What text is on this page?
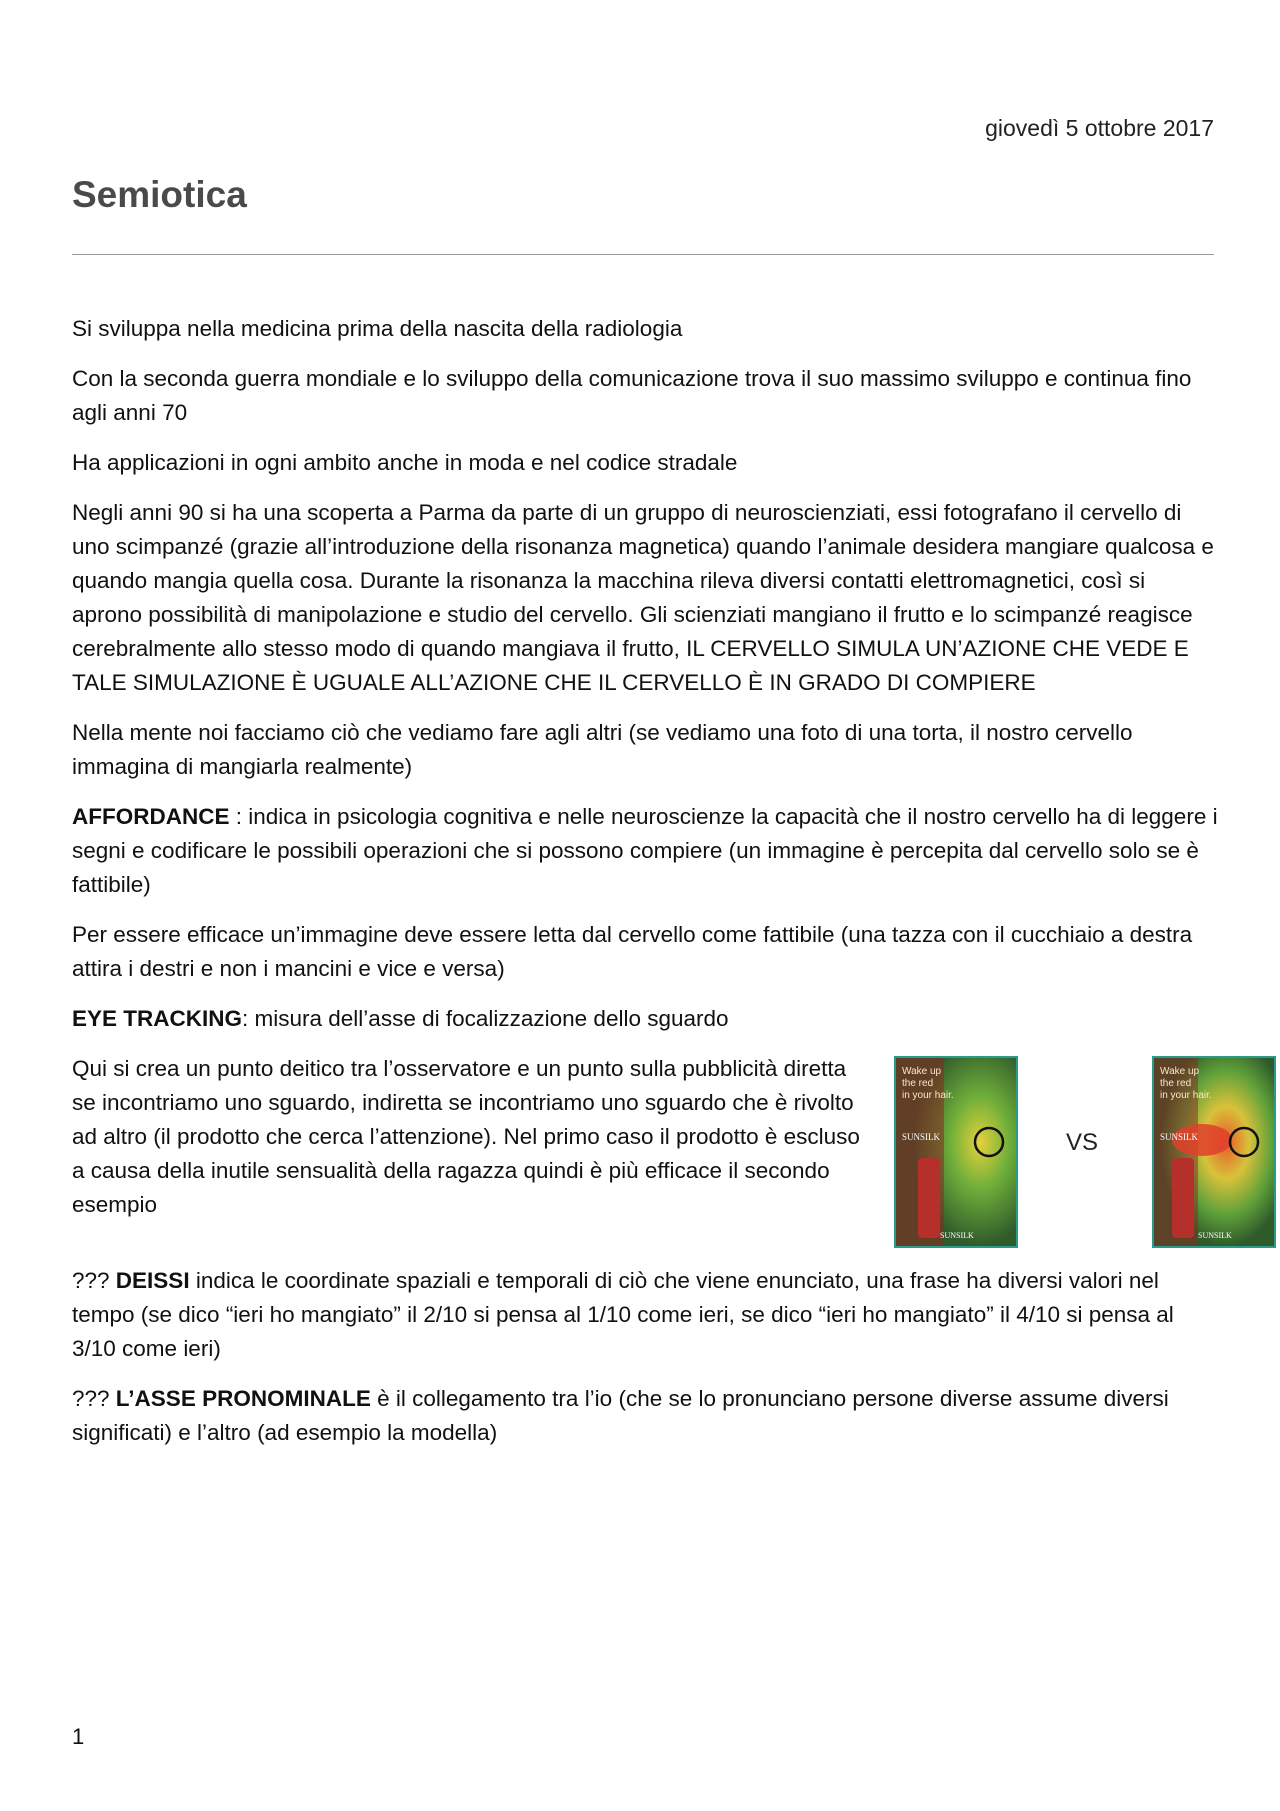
giovedì 5 ottobre 2017
Semiotica

Si sviluppa nella medicina prima della nascita della radiologia

Con la seconda guerra mondiale e lo sviluppo della comunicazione trova il suo massimo sviluppo e continua fino agli anni 70

Ha applicazioni in ogni ambito anche in moda e nel codice stradale

Negli anni 90 si ha una scoperta a Parma da parte di un gruppo di neuroscienziati, essi fotografano il cervello di uno scimpanzé (grazie all’introduzione della risonanza magnetica) quando l’animale desidera mangiare qualcosa e quando mangia quella cosa. Durante la risonanza la macchina rileva diversi contatti elettromagnetici, così si aprono possibilità di manipolazione e studio del cervello. Gli scienziati mangiano il frutto e lo scimpanzé reagisce cerebralmente allo stesso modo di quando mangiava il frutto, IL CERVELLO SIMULA UN’AZIONE CHE VEDE E TALE SIMULAZIONE È UGUALE ALL’AZIONE CHE IL CERVELLO È IN GRADO DI COMPIERE

Nella mente noi facciamo ciò che vediamo fare agli altri (se vediamo una foto di una torta, il nostro cervello immagina di mangiarla realmente)

AFFORDANCE : indica in psicologia cognitiva e nelle neuroscienze la capacità che il nostro cervello ha di leggere i segni e codificare le possibili operazioni che si possono compiere (un immagine è percepita dal cervello solo se è fattibile)

Per essere efficace un’immagine deve essere letta dal cervello come fattibile (una tazza con il cucchiaio a destra attira i destri e non i mancini e vice e versa)

EYE TRACKING: misura dell’asse di focalizzazione dello sguardo

Qui si crea un punto deitico tra l’osservatore e un punto sulla pubblicità diretta se incontriamo uno sguardo, indiretta se incontriamo uno sguardo che è rivolto ad altro (il prodotto che cerca l’attenzione). Nel primo caso il prodotto è escluso a causa della inutile sensualità della ragazza quindi è più efficace il secondo esempio

Wake up
the red
in your hair.
SUNSILK
SUNSILK
VS
Wake up
the red
in your hair.
SUNSILK
SUNSILK

??? DEISSI indica le coordinate spaziali e temporali di ciò che viene enunciato, una frase ha diversi valori nel tempo (se dico “ieri ho mangiato” il 2/10 si pensa al 1/10 come ieri, se dico “ieri ho mangiato” il 4/10 si pensa al 3/10 come ieri)

??? L’ASSE PRONOMINALE è il collegamento tra l’io (che se lo pronunciano persone diverse assume diversi significati) e l’altro (ad esempio la modella)

1
